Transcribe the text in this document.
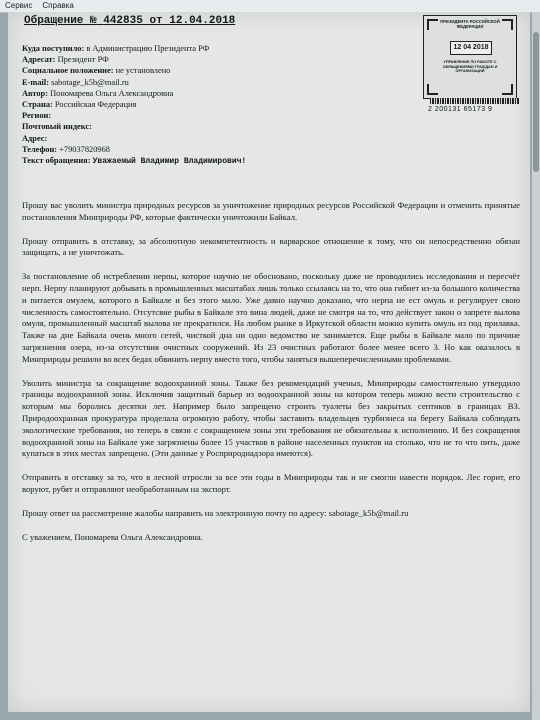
Сервис	Справка
Обращение № 442835 от 12.04.2018	ПРЕЗИДЕНТА РОССИЙСКОЙ ФЕДЕРАЦИИ
12 04 2018
УПРАВЛЕНИЕ ПО РАБОТЕ С ОБРАЩЕНИЯМИ ГРАЖДАН И ОРГАНИЗАЦИЙ
2 200131 65173 9
Куда поступило: в Администрацию Президента РФ
Адресат: Президент РФ
Социальное положение: не установлено
E-mail: sabotage_k5b@mail.ru
Автор: Пономарева Ольга Александровна
Страна: Российская Федерация
Регион:
Почтовый индекс:
Адрес:
Телефон: +79037820968
Текст обращения: Уважаемый Владимир Владимирович!

Прошу вас уволить министра природных ресурсов за уничтожение природных ресурсов Российской Федерации и отменить принятые постановления Минприроды РФ, которые фактически уничтожили Байкал.

Прошу отправить в отставку, за абсолютную некомпетентность и варварское отношение к тому, что он непосредственно обязан защищать, а не уничтожать.

За постановление об истреблении нерпы, которое научно не обосновано, поскольку даже не проводились исследования и пересчёт нерп. Нерпу планируют добывать в промышленных масштабах лишь только ссылаясь на то, что она гибнет из-за большого количества и питается омулем, которого в Байкале и без этого мало. Уже давно научно доказано, что нерпа не ест омуль и регулирует свою численность самостоятельно. Отсутсвие рыбы в Байкале это вина людей, даже не смотря на то, что действует закон о запрете вылова омуля, промышленный масштаб вылова не прекратился. На любом рынке в Иркутской области можно купить омуль из под прилавка. Также на дне Байкала очень много сетей, чисткой дна ни одно ведомство не занимается. Еще рыбы в Байкале мало по причине загрязнения озера, из-за отсутствия очистных сооружений. Из 23 очистных работают более менее всего 3. Но как оказалось в Минприроды решили во всех бедах обвинить нерпу вместо того, чтобы заняться вышеперечисленными проблемами.

Уволить министра за сокращение водоохранной зоны. Также без рекомендаций ученых, Минприроды самостоятельно утвердило границы водоохранной зоны. Исключив защитный барьер из водоохранной зоны на котором теперь можно вести строительство с которым мы боролись десятки лет. Например было запрещено строить туалеты без закрытых септиков в границах ВЗ. Природоохранная прокуратура проделала огромную работу, чтобы заставить владельцев турбизнеса на берегу Байкала соблюдать экологические требования, но теперь в связи с сокращением зоны эти требования не обязательны к исполнению. И без сокращения водоохранной зоны на Байкале уже загрязнены более 15 участков в районе населенных пунктов на столько, что не то что пить, даже купаться в этих местах запрещено. (Эти данные у Росприроднадзора имеются).

Отправить в отставку за то, что в лесной отросли за все эти годы в Минприроды так и не смогли навести порядок. Лес горит, его воруют, рубят и отправляют необработанным на экспорт.

Прошу ответ на рассмотрение жалобы направить на электронную почту по адресу: sabotage_k5b@mail.ru

С уважением, Пономарева Ольга Александровна.
